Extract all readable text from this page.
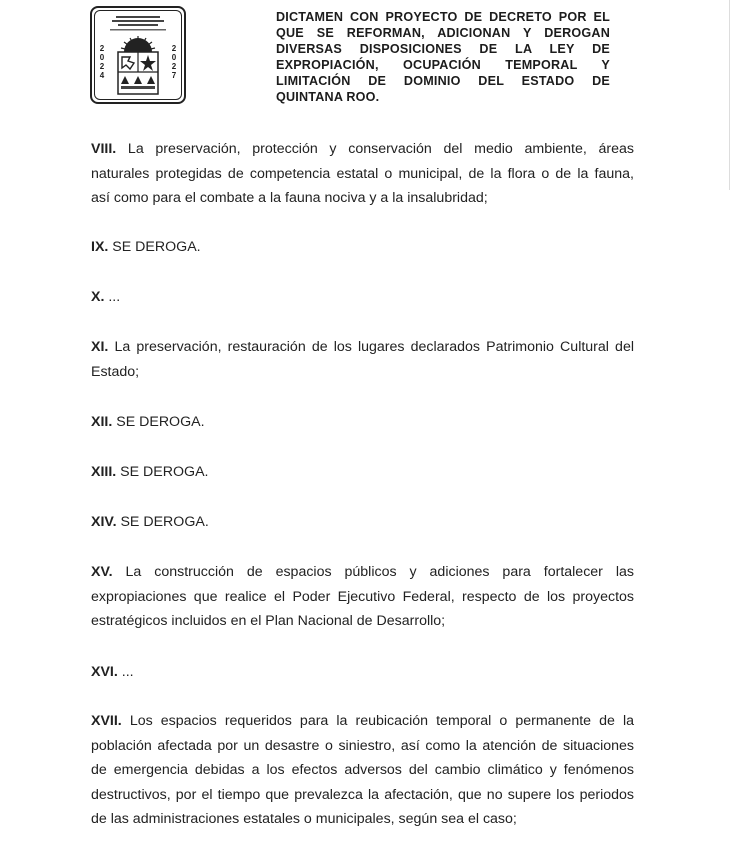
2
0
2
4
2
0
2
7
DICTAMEN CON PROYECTO DE DECRETO POR EL
QUE SE REFORMAN, ADICIONAN Y DEROGAN
DIVERSAS DISPOSICIONES DE LA LEY DE
EXPROPIACIÓN, OCUPACIÓN TEMPORAL Y
LIMITACIÓN DE DOMINIO DEL ESTADO DE
QUINTANA ROO.
VIII. La preservación, protección y conservación del medio ambiente, áreas
naturales protegidas de competencia estatal o municipal, de la flora o de la fauna,
así como para el combate a la fauna nociva y a la insalubridad;
IX. SE DEROGA.
X. ...
XI. La preservación, restauración de los lugares declarados Patrimonio Cultural del
Estado;
XII. SE DEROGA.
XIII. SE DEROGA.
XIV. SE DEROGA.
XV. La construcción de espacios públicos y adiciones para fortalecer las
expropiaciones que realice el Poder Ejecutivo Federal, respecto de los proyectos
estratégicos incluidos en el Plan Nacional de Desarrollo;
XVI. ...
XVII. Los espacios requeridos para la reubicación temporal o permanente de la
población afectada por un desastre o siniestro, así como la atención de situaciones
de emergencia debidas a los efectos adversos del cambio climático y fenómenos
destructivos, por el tiempo que prevalezca la afectación, que no supere los periodos
de las administraciones estatales o municipales, según sea el caso;
